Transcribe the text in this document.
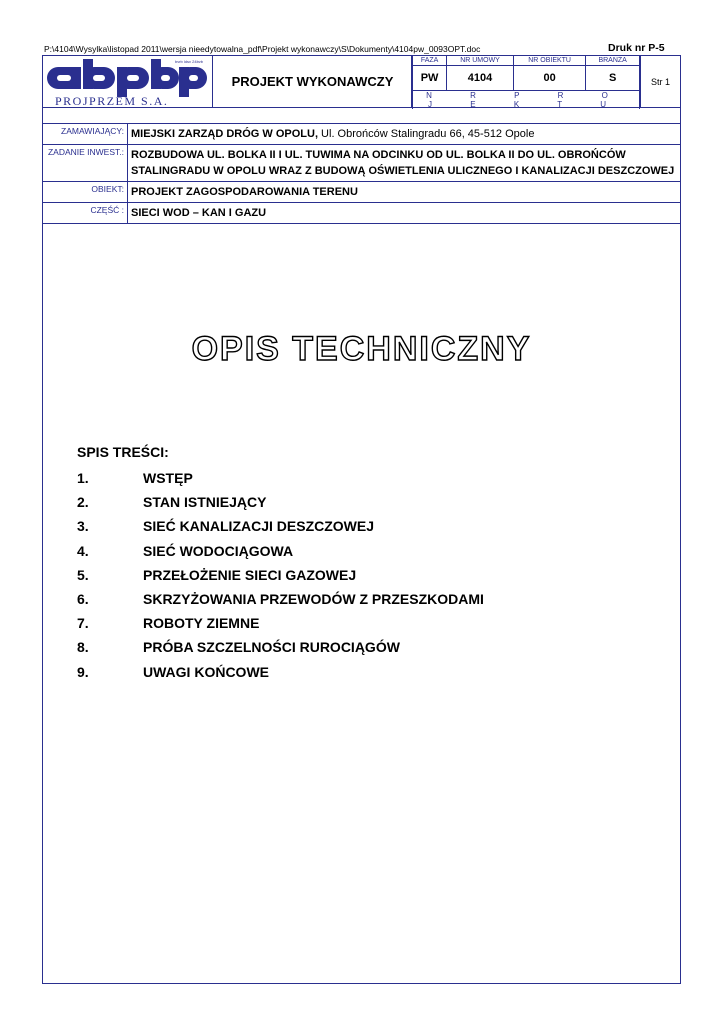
P:\4104\Wysylka\listopad 2011\wersja nieedytowalna_pdf\Projekt wykonawczy\S\Dokumenty\4104pw_0093OPT.doc	Druk nr P-5
bvrb ldsv 24bvb
PROJPRZEM S.A.
PROJEKT WYKONAWCZY
FAZA	NR UMOWY	NR OBIEKTU	BRANŻA
PW	4104	00	S
N R P R O J E K T U			
Str 1
ZAMAWIAJĄCY: MIEJSKI ZARZĄD DRÓG W OPOLU, Ul. Obrońców Stalingradu 66, 45-512 Opole
ZADANIE INWEST.: ROZBUDOWA UL. BOLKA II I UL. TUWIMA NA ODCINKU OD UL. BOLKA II DO UL. OBROŃCÓW STALINGRADU W OPOLU WRAZ Z BUDOWĄ OŚWIETLENIA ULICZNEGO I KANALIZACJI DESZCZOWEJ
OBIEKT: PROJEKT ZAGOSPODAROWANIA TERENU
CZĘŚĆ : SIECI WOD – KAN I GAZU
OPIS TECHNICZNY
SPIS TREŚCI:
1.	WSTĘP
2.	STAN ISTNIEJĄCY
3.	SIEĆ KANALIZACJI DESZCZOWEJ
4.	SIEĆ WODOCIĄGOWA
5.	PRZEŁOŻENIE SIECI GAZOWEJ
6.	SKRZYŻOWANIA PRZEWODÓW Z PRZESZKODAMI
7.	ROBOTY ZIEMNE
8.	PRÓBA SZCZELNOŚCI RUROCIĄGÓW
9.	UWAGI KOŃCOWE
